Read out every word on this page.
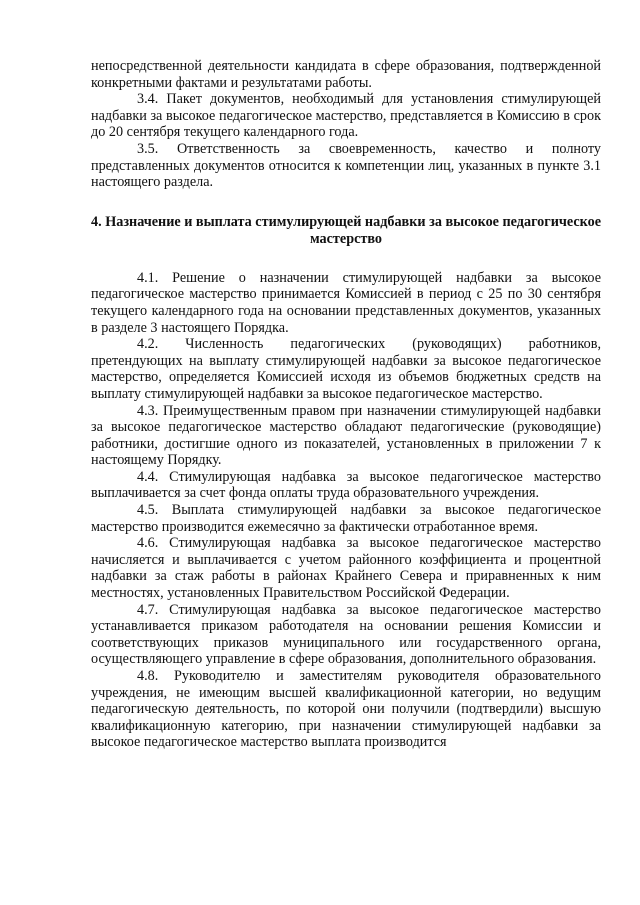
непосредственной деятельности кандидата в сфере образования, подтвержденной конкретными фактами и результатами работы.

3.4. Пакет документов, необходимый для установления стимулирующей надбавки за высокое педагогическое мастерство, представляется в Комиссию в срок до 20 сентября текущего календарного года.

3.5. Ответственность за своевременность, качество и полноту представленных документов относится к компетенции лиц, указанных в пункте 3.1 настоящего раздела.

4. Назначение и выплата стимулирующей надбавки за высокое педагогическое мастерство

4.1. Решение о назначении стимулирующей надбавки за высокое педагогическое мастерство принимается Комиссией в период с 25 по 30 сентября текущего календарного года на основании представленных документов, указанных в разделе 3 настоящего Порядка.

4.2. Численность педагогических (руководящих) работников, претендующих на выплату стимулирующей надбавки за высокое педагогическое мастерство, определяется Комиссией исходя из объемов бюджетных средств на выплату стимулирующей надбавки за высокое педагогическое мастерство.

4.3. Преимущественным правом при назначении стимулирующей надбавки за высокое педагогическое мастерство обладают педагогические (руководящие) работники, достигшие одного из показателей, установленных в приложении 7 к настоящему Порядку.

4.4. Стимулирующая надбавка за высокое педагогическое мастерство выплачивается за счет фонда оплаты труда образовательного учреждения.

4.5. Выплата стимулирующей надбавки за высокое педагогическое мастерство производится ежемесячно за фактически отработанное время.

4.6. Стимулирующая надбавка за высокое педагогическое мастерство начисляется и выплачивается с учетом районного коэффициента и процентной надбавки за стаж работы в районах Крайнего Севера и приравненных к ним местностях, установленных Правительством Российской Федерации.

4.7. Стимулирующая надбавка за высокое педагогическое мастерство устанавливается приказом работодателя на основании решения Комиссии и соответствующих приказов муниципального или государственного органа, осуществляющего управление в сфере образования, дополнительного образования.

4.8. Руководителю и заместителям руководителя образовательного учреждения, не имеющим высшей квалификационной категории, но ведущим педагогическую деятельность, по которой они получили (подтвердили) высшую квалификационную категорию, при назначении стимулирующей надбавки за высокое педагогическое мастерство выплата производится
